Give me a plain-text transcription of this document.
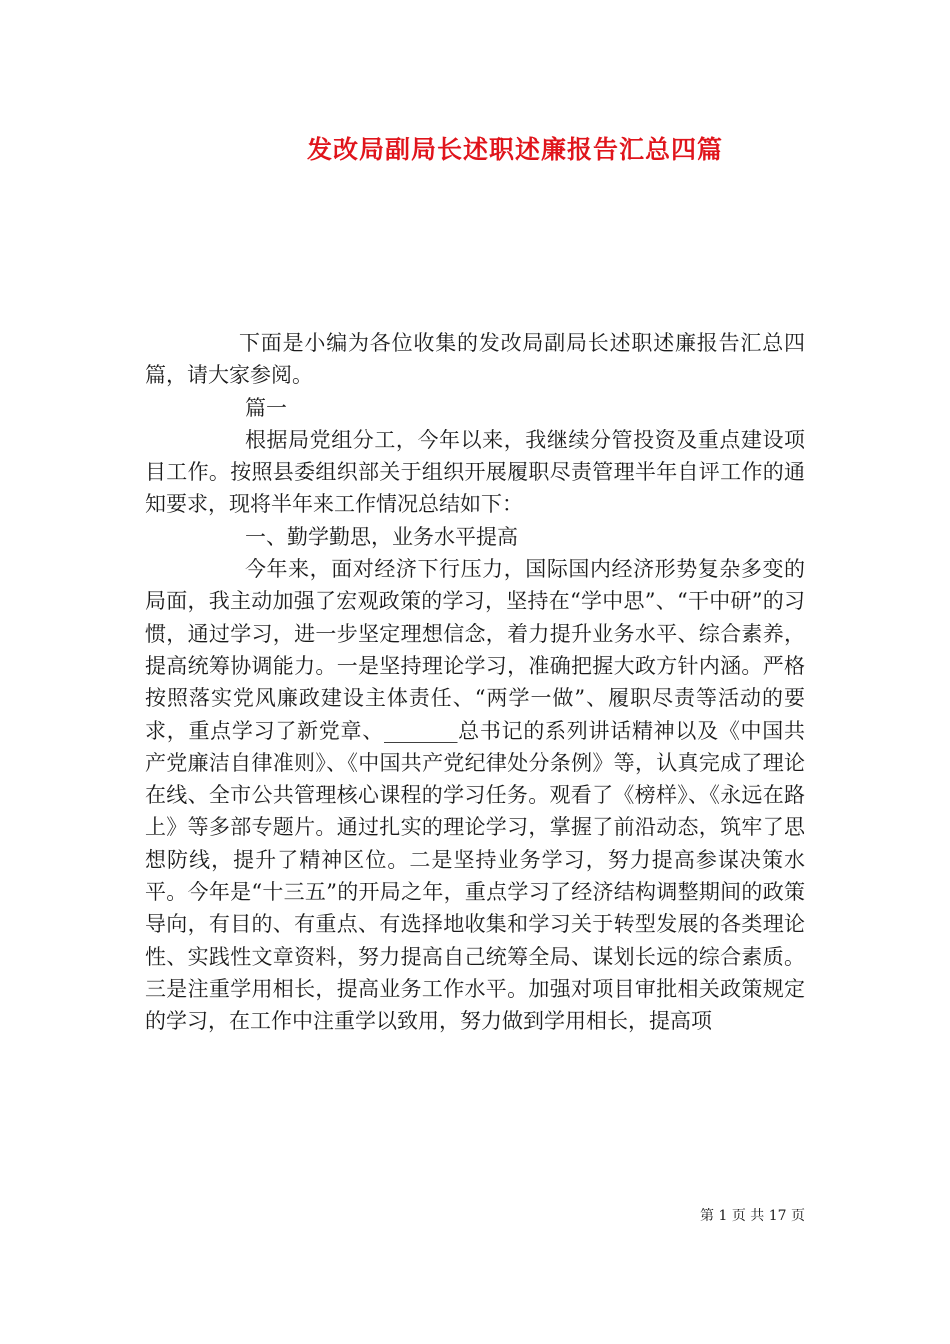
发改局副局长述职述廉报告汇总四篇

下面是小编为各位收集的发改局副局长述职述廉报告汇总四篇，请大家参阅。

篇一

根据局党组分工，今年以来，我继续分管投资及重点建设项目工作。按照县委组织部关于组织开展履职尽责管理半年自评工作的通知要求，现将半年来工作情况总结如下：

一、勤学勤思，业务水平提高

今年来，面对经济下行压力，国际国内经济形势复杂多变的局面，我主动加强了宏观政策的学习，坚持在“学中思”、“干中研”的习惯，通过学习，进一步坚定理想信念，着力提升业务水平、综合素养，提高统筹协调能力。一是坚持理论学习，准确把握大政方针内涵。严格按照落实党风廉政建设主体责任、“两学一做”、履职尽责等活动的要求，重点学习了新党章、_______总书记的系列讲话精神以及《中国共产党廉洁自律准则》、《中国共产党纪律处分条例》等，认真完成了理论在线、全市公共管理核心课程的学习任务。观看了《榜样》、《永远在路上》等多部专题片。通过扎实的理论学习，掌握了前沿动态，筑牢了思想防线，提升了精神区位。二是坚持业务学习，努力提高参谋决策水平。今年是“十三五”的开局之年，重点学习了经济结构调整期间的政策导向，有目的、有重点、有选择地收集和学习关于转型发展的各类理论性、实践性文章资料，努力提高自己统筹全局、谋划长远的综合素质。三是注重学用相长，提高业务工作水平。加强对项目审批相关政策规定的学习，在工作中注重学以致用，努力做到学用相长，提高项

第 1 页 共 17 页
